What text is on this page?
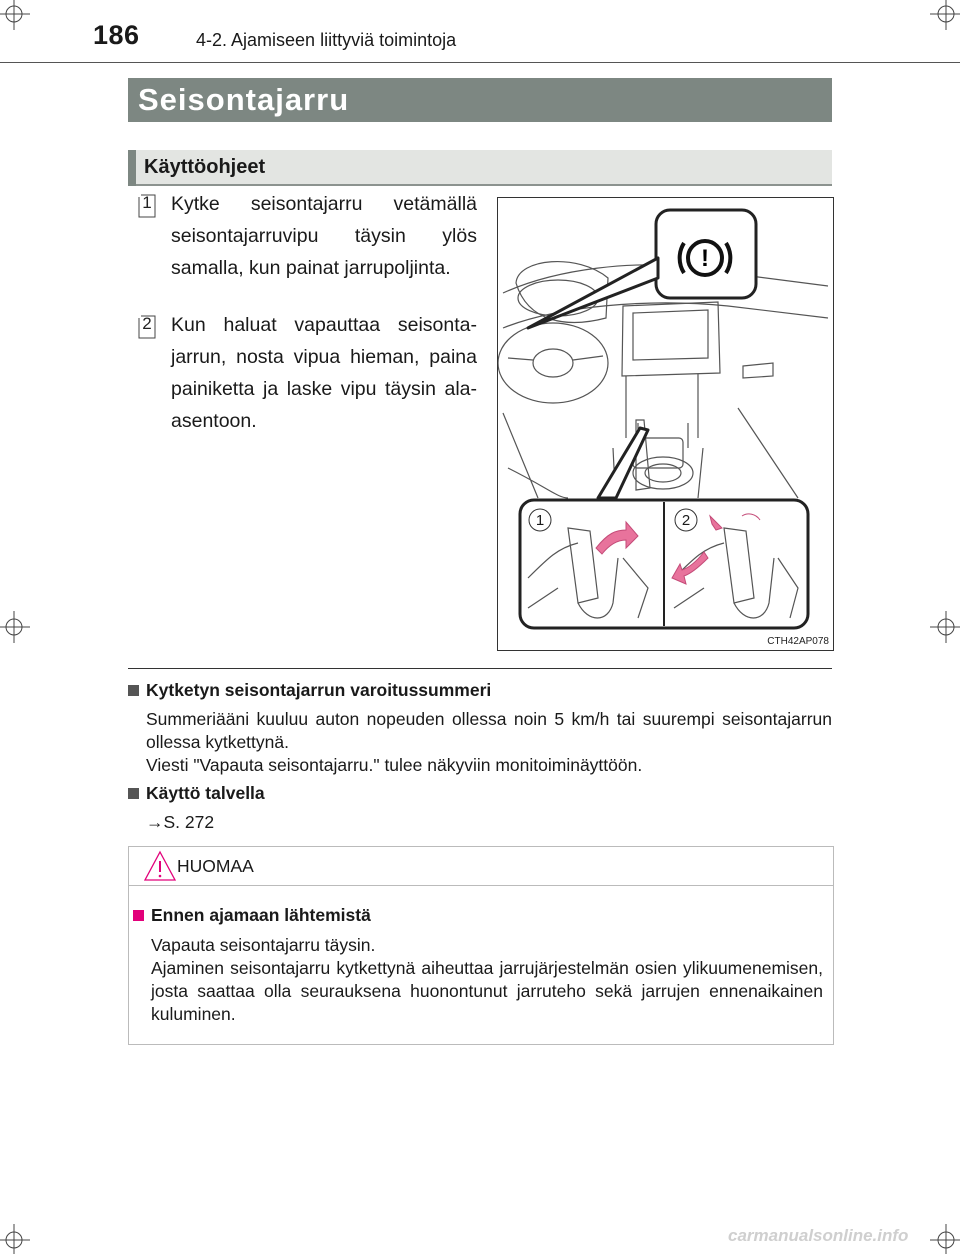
186	4-2. Ajamiseen liittyviä toimintoja
Seisontajarru
Käyttöohjeet
1 Kytke seisontajarru vetämällä seisontajarruvipu täysin ylös samalla, kun painat jarrupoljinta.
2 Kun haluat vapauttaa seisontajarrun, nosta vipua hieman, paina painiketta ja laske vipu täysin ala-asentoon.
!
1	2
CTH42AP078
Kytketyn seisontajarrun varoitussummeri
Summeriääni kuuluu auton nopeuden ollessa noin 5 km/h tai suurempi seisontajarrun ollessa kytkettynä.
Viesti "Vapauta seisontajarru." tulee näkyviin monitoiminäyttöön.
Käyttö talvella
→S. 272
HUOMAA
Ennen ajamaan lähtemistä
Vapauta seisontajarru täysin.
Ajaminen seisontajarru kytkettynä aiheuttaa jarrujärjestelmän osien ylikuumenemisen, josta saattaa olla seurauksena huonontunut jarruteho sekä jarrujen ennenaikainen kuluminen.
carmanualsonline.info
